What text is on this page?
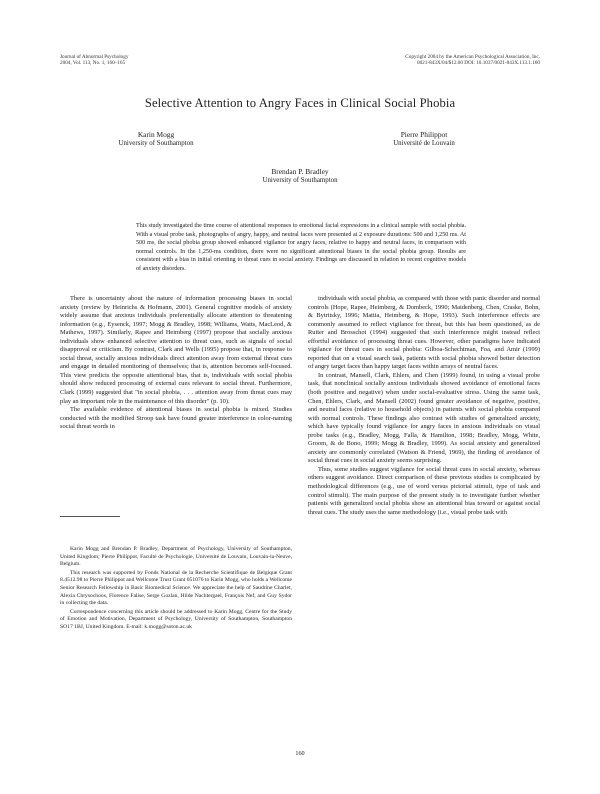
Journal of Abnormal Psychology
2004, Vol. 113, No. 1, 160–165
Copyright 2004 by the American Psychological Association, Inc.
0021-843X/04/$12.00 DOI: 10.1037/0021-843X.113.1.160
Selective Attention to Angry Faces in Clinical Social Phobia
Karin Mogg
University of Southampton
Pierre Philippot
Université de Louvain
Brendan P. Bradley
University of Southampton
This study investigated the time course of attentional responses to emotional facial expressions in a clinical sample with social phobia. With a visual probe task, photographs of angry, happy, and neutral faces were presented at 2 exposure durations: 500 and 1,250 ms. At 500 ms, the social phobia group showed enhanced vigilance for angry faces, relative to happy and neutral faces, in comparison with normal controls. In the 1,250-ms condition, there were no significant attentional biases in the social phobia group. Results are consistent with a bias in initial orienting to threat cues in social anxiety. Findings are discussed in relation to recent cognitive models of anxiety disorders.

There is uncertainty about the nature of information processing biases in social anxiety (review by Heinrichs & Hofmann, 2001). General cognitive models of anxiety widely assume that anxious individuals preferentially allocate attention to threatening information (e.g., Eysenck, 1997; Mogg & Bradley, 1998; Williams, Watts, MacLeod, & Mathews, 1997). Similarly, Rapee and Heimberg (1997) propose that socially anxious individuals show enhanced selective attention to threat cues, such as signals of social disapproval or criticism. By contrast, Clark and Wells (1995) propose that, in response to social threat, socially anxious individuals direct attention away from external threat cues and engage in detailed monitoring of themselves; that is, attention becomes self-focused. This view predicts the opposite attentional bias, that is, individuals with social phobia should show reduced processing of external cues relevant to social threat. Furthermore, Clark (1999) suggested that "in social phobia, . . . attention away from threat cues may play an important role in the maintenance of this disorder" (p. 10).

The available evidence of attentional biases in social phobia is mixed. Studies conducted with the modified Stroop task have found greater interference in color-naming social threat words in

Karin Mogg and Brendan P. Bradley, Department of Psychology, University of Southampton, United Kingdom; Pierre Philippot, Faculté de Psychologie, Université de Louvain, Louvain-la-Neuve, Belgium.

This research was supported by Fonds National de la Recherche Scientifique de Belgique Grant 8.4512.98 to Pierre Philippot and Wellcome Trust Grant 051076 to Karin Mogg, who holds a Wellcome Senior Research Fellowship in Basic Biomedical Science. We appreciate the help of Saudrine Charlet, Alexia Chrysochoos, Florence Falise, Serge Gozlan, Hilde Nachtergael, François Nef, and Guy Sydor in collecting the data.

Correspondence concerning this article should be addressed to Karin Mogg, Centre for the Study of Emotion and Motivation, Department of Psychology, University of Southampton, Southampton SO17 1BJ, United Kingdom. E-mail: k.mogg@soton.ac.uk

individuals with social phobia, as compared with those with panic disorder and normal controls (Hope, Rapee, Heimberg, & Dombeck, 1990; Maidenberg, Chen, Craske, Bohn, & Bytritsky, 1996; Mattia, Heimberg, & Hope, 1993). Such interference effects are commonly assumed to reflect vigilance for threat, but this has been questioned, as de Ruiter and Brosschot (1994) suggested that such interference might instead reflect effortful avoidance of processing threat cues. However, other paradigms have indicated vigilance for threat cues in social phobia: Gilboa-Schechtman, Foa, and Amir (1999) reported that on a visual search task, patients with social phobia showed better detection of angry target faces than happy target faces within arrays of neutral faces.

In contrast, Mansell, Clark, Ehlers, and Chen (1999) found, in using a visual probe task, that nonclinical socially anxious individuals showed avoidance of emotional faces (both positive and negative) when under social-evaluative stress. Using the same task, Chen, Ehlers, Clark, and Mansell (2002) found greater avoidance of negative, positive, and neutral faces (relative to household objects) in patients with social phobia compared with normal controls. These findings also contrast with studies of generalized anxiety, which have typically found vigilance for angry faces in anxious individuals on visual probe tasks (e.g., Bradley, Mogg, Falla, & Hamilton, 1998; Bradley, Mogg, White, Groom, & de Bono, 1999; Mogg & Bradley, 1999). As social anxiety and generalized anxiety are commonly correlated (Watson & Friend, 1969), the finding of avoidance of social threat cues in social anxiety seems surprising.

Thus, some studies suggest vigilance for social threat cues in social anxiety, whereas others suggest avoidance. Direct comparison of these previous studies is complicated by methodological differences (e.g., use of word versus pictorial stimuli, type of task and control stimuli). The main purpose of the present study is to investigate further whether patients with generalized social phobia show an attentional bias toward or against social threat cues. The study uses the same methodology (i.e., visual probe task with

160
